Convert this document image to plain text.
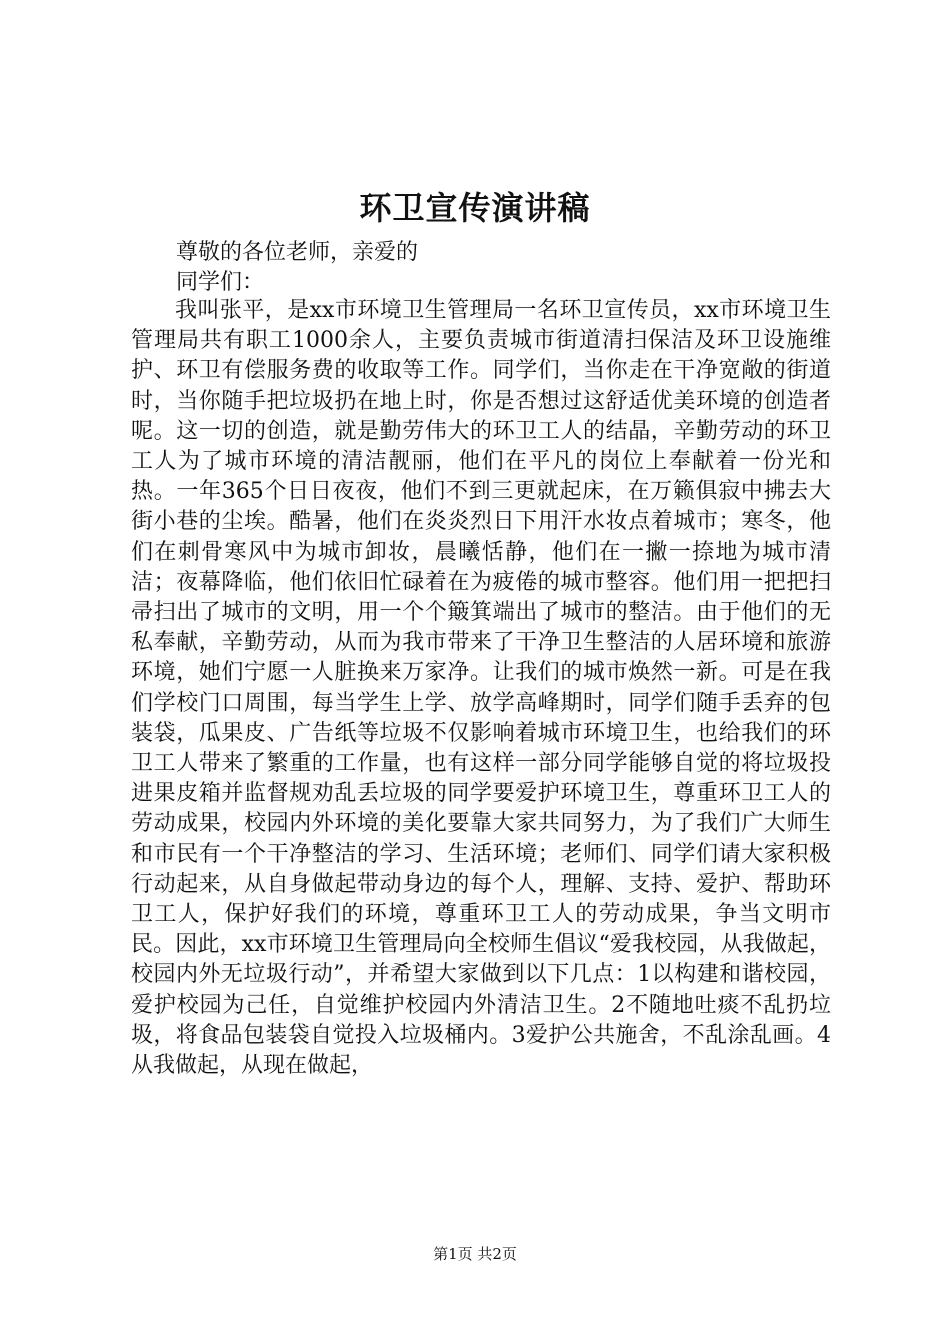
环卫宣传演讲稿
尊敬的各位老师，亲爱的
同学们：

我叫张平，是xx市环境卫生管理局一名环卫宣传员，xx市环境卫生管理局共有职工1000余人，主要负责城市街道清扫保洁及环卫设施维护、环卫有偿服务费的收取等工作。同学们，当你走在干净宽敞的街道时，当你随手把垃圾扔在地上时，你是否想过这舒适优美环境的创造者呢。这一切的创造，就是勤劳伟大的环卫工人的结晶，辛勤劳动的环卫工人为了城市环境的清洁靓丽，他们在平凡的岗位上奉献着一份光和热。一年365个日日夜夜，他们不到三更就起床，在万籁俱寂中拂去大街小巷的尘埃。酷暑，他们在炎炎烈日下用汗水妆点着城市；寒冬，他们在刺骨寒风中为城市卸妆，晨曦恬静，他们在一撇一捺地为城市清洁；夜幕降临，他们依旧忙碌着在为疲倦的城市整容。他们用一把把扫帚扫出了城市的文明，用一个个簸箕端出了城市的整洁。由于他们的无私奉献，辛勤劳动，从而为我市带来了干净卫生整洁的人居环境和旅游环境，她们宁愿一人脏换来万家净。让我们的城市焕然一新。可是在我们学校门口周围，每当学生上学、放学高峰期时，同学们随手丢弃的包装袋，瓜果皮、广告纸等垃圾不仅影响着城市环境卫生，也给我们的环卫工人带来了繁重的工作量，也有这样一部分同学能够自觉的将垃圾投进果皮箱并监督规劝乱丢垃圾的同学要爱护环境卫生，尊重环卫工人的劳动成果，校园内外环境的美化要靠大家共同努力，为了我们广大师生和市民有一个干净整洁的学习、生活环境；老师们、同学们请大家积极行动起来，从自身做起带动身边的每个人，理解、支持、爱护、帮助环卫工人，保护好我们的环境，尊重环卫工人的劳动成果，争当文明市民。因此，xx市环境卫生管理局向全校师生倡议“爱我校园，从我做起，校园内外无垃圾行动”，并希望大家做到以下几点：1以构建和谐校园，爱护校园为己任，自觉维护校园内外清洁卫生。2不随地吐痰不乱扔垃圾，将食品包装袋自觉投入垃圾桶内。3爱护公共施舍，不乱涂乱画。4从我做起，从现在做起，

第1页 共2页
